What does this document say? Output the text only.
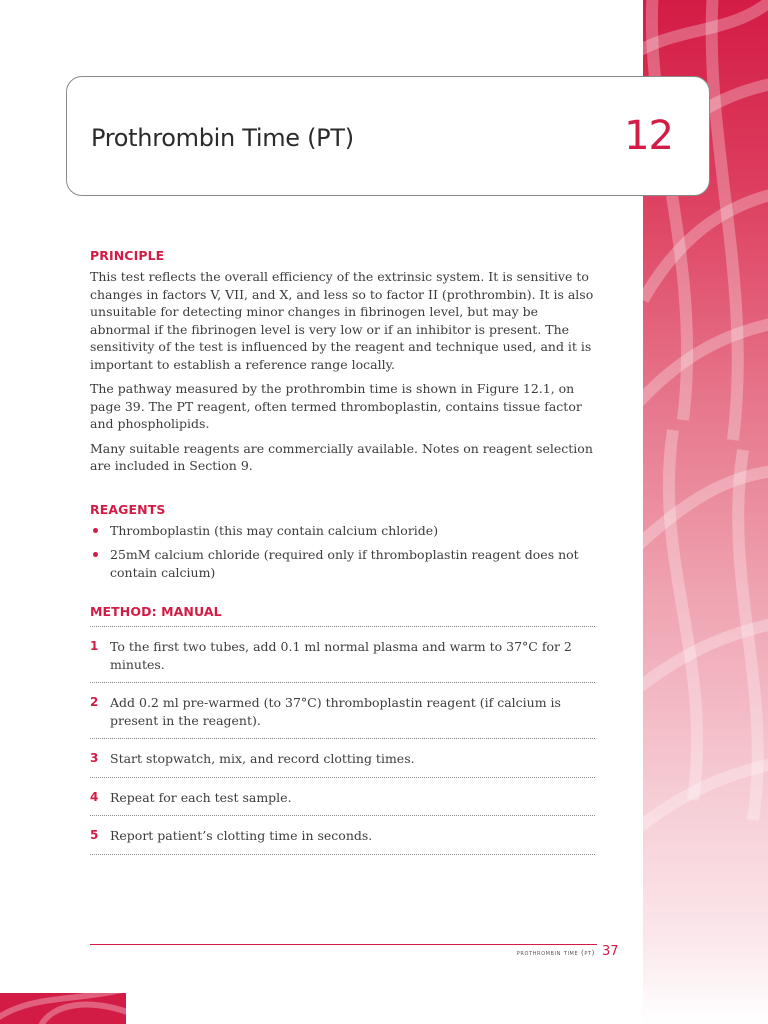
Prothrombin Time (PT)	12
PRINCIPLE

This test reflects the overall efficiency of the extrinsic system. It is sensitive to changes in factors V, VII, and X, and less so to factor II (prothrombin). It is also unsuitable for detecting minor changes in fibrinogen level, but may be abnormal if the fibrinogen level is very low or if an inhibitor is present. The sensitivity of the test is influenced by the reagent and technique used, and it is important to establish a reference range locally.

The pathway measured by the prothrombin time is shown in Figure 12.1, on page 39. The PT reagent, often termed thromboplastin, contains tissue factor and phospholipids.

Many suitable reagents are commercially available. Notes on reagent selection are included in Section 9.

REAGENTS
Thromboplastin (this may contain calcium chloride)
25mM calcium chloride (required only if thromboplastin reagent does not contain calcium)
METHOD: MANUAL
1 To the first two tubes, add 0.1 ml normal plasma and warm to 37°C for 2 minutes.
2 Add 0.2 ml pre-warmed (to 37°C) thromboplastin reagent (if calcium is present in the reagent).
3 Start stopwatch, mix, and record clotting times.
4 Repeat for each test sample.
5 Report patient’s clotting time in seconds.
prothrombin time (pt) 37
